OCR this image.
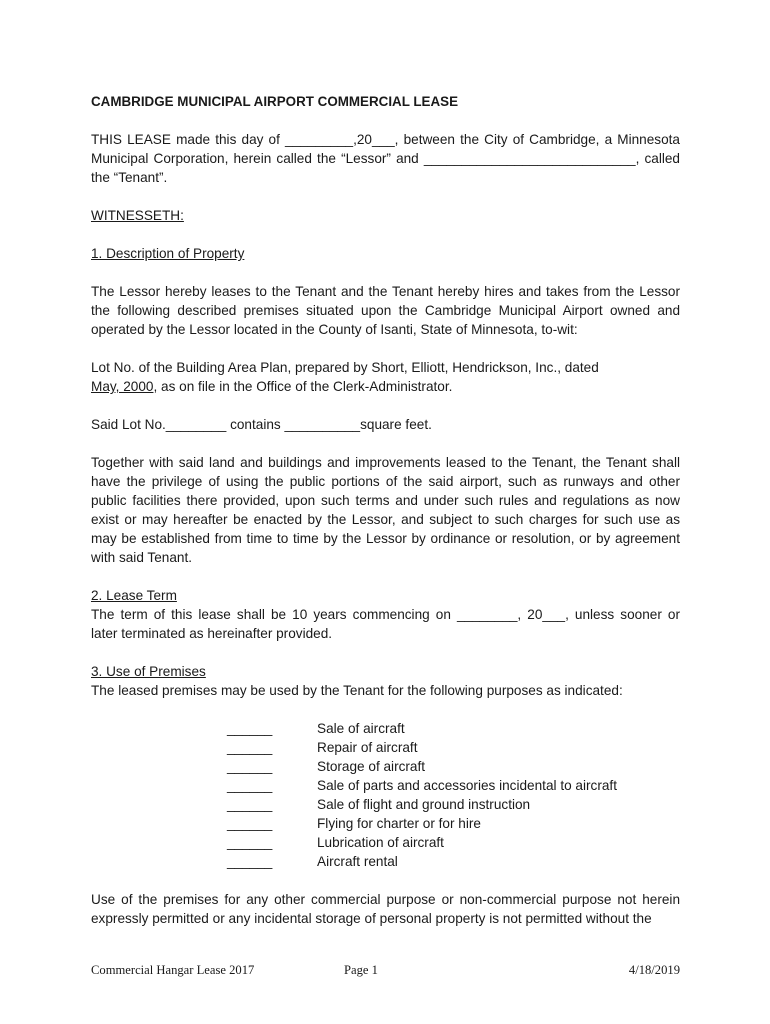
CAMBRIDGE MUNICIPAL AIRPORT COMMERCIAL LEASE

THIS LEASE made this day of _________,20___, between the City of Cambridge, a Minnesota Municipal Corporation, herein called the “Lessor” and ____________________________, called the “Tenant”.

WITNESSETH:

1. Description of Property

The Lessor hereby leases to the Tenant and the Tenant hereby hires and takes from the Lessor the following described premises situated upon the Cambridge Municipal Airport owned and operated by the Lessor located in the County of Isanti, State of Minnesota, to-wit:

Lot No. of the Building Area Plan, prepared by Short, Elliott, Hendrickson, Inc., dated
May, 2000, as on file in the Office of the Clerk-Administrator.

Said Lot No.________ contains __________square feet.

Together with said land and buildings and improvements leased to the Tenant, the Tenant shall have the privilege of using the public portions of the said airport, such as runways and other public facilities there provided, upon such terms and under such rules and regulations as now exist or may hereafter be enacted by the Lessor, and subject to such charges for such use as may be established from time to time by the Lessor by ordinance or resolution, or by agreement with said Tenant.

2. Lease Term
The term of this lease shall be 10 years commencing on ________, 20___, unless sooner or
later terminated as hereinafter provided.
3. Use of Premises
The leased premises may be used by the Tenant for the following purposes as indicated:
______	Sale of aircraft
______	Repair of aircraft
______	Storage of aircraft
______	Sale of parts and accessories incidental to aircraft
______	Sale of flight and ground instruction
______	Flying for charter or for hire
______	Lubrication of aircraft
______	Aircraft rental

Use of the premises for any other commercial purpose or non-commercial purpose not herein expressly permitted or any incidental storage of personal property is not permitted without the

Commercial Hangar Lease 2017	Page 1	4/18/2019
